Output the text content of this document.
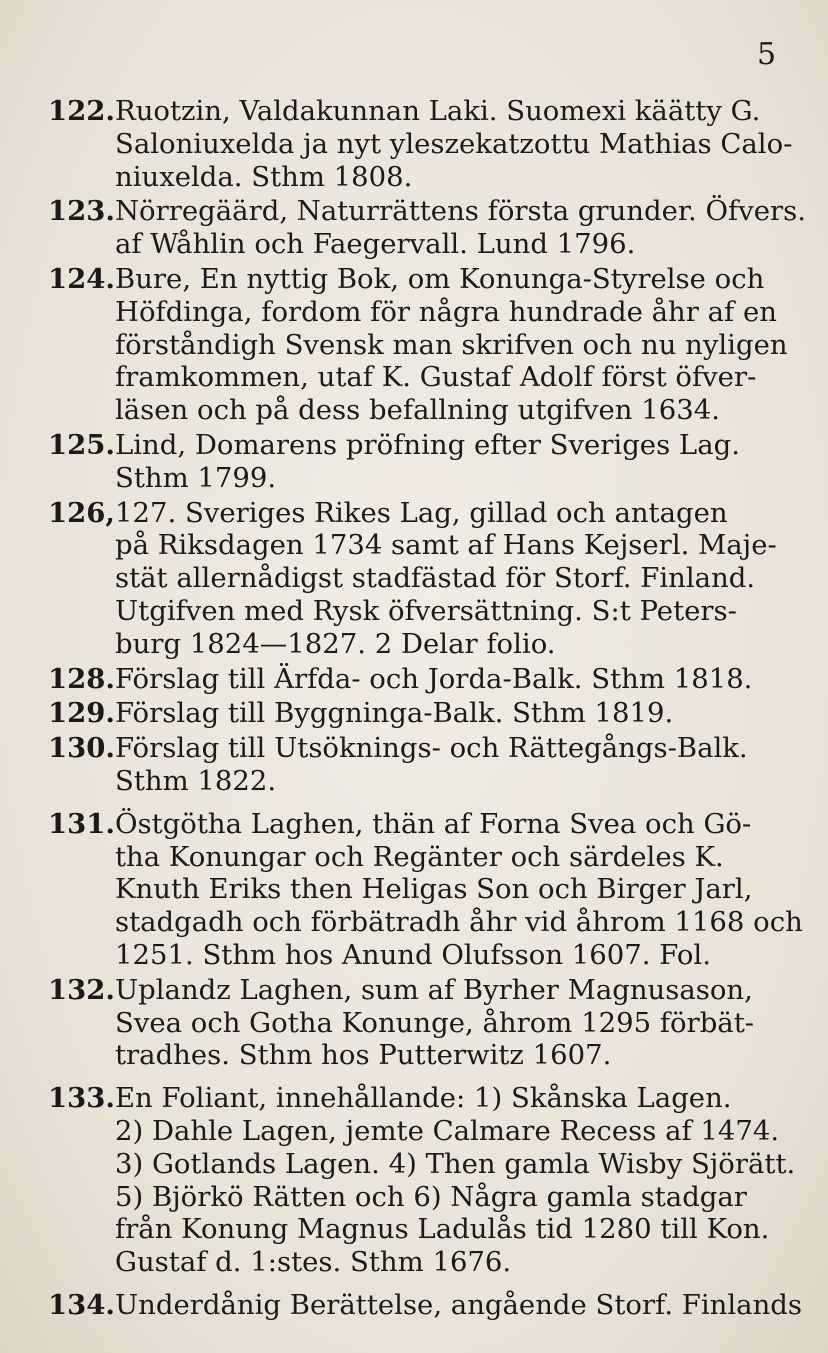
5
122. Ruotzin, Valdakunnan Laki. Suomexi käätty G.
Saloniuxelda ja nyt yleszekatzottu Mathias Calo-
niuxelda. Sthm 1808.
123. Nörregäärd, Naturrättens första grunder. Öfvers.
af Wåhlin och Faegervall. Lund 1796.
124. Bure, En nyttig Bok, om Konunga-Styrelse och
Höfdinga, fordom för några hundrade åhr af en
förståndigh Svensk man skrifven och nu nyligen
framkommen, utaf K. Gustaf Adolf först öfver-
läsen och på dess befallning utgifven 1634.
125. Lind, Domarens pröfning efter Sveriges Lag.
Sthm 1799.
126, 127. Sveriges Rikes Lag, gillad och antagen
på Riksdagen 1734 samt af Hans Kejserl. Maje-
stät allernådigst stadfästad för Storf. Finland.
Utgifven med Rysk öfversättning. S:t Peters-
burg 1824—1827. 2 Delar folio.
128. Förslag till Ärfda- och Jorda-Balk. Sthm 1818.
129. Förslag till Byggninga-Balk. Sthm 1819.
130. Förslag till Utsöknings- och Rättegångs-Balk.
Sthm 1822.
131. Östgötha Laghen, thän af Forna Svea och Gö-
tha Konungar och Regänter och särdeles K.
Knuth Eriks then Heligas Son och Birger Jarl,
stadgadh och förbätradh åhr vid åhrom 1168 och
1251. Sthm hos Anund Olufsson 1607. Fol.
132. Uplandz Laghen, sum af Byrher Magnusason,
Svea och Gotha Konunge, åhrom 1295 förbät-
tradhes. Sthm hos Putterwitz 1607.
133. En Foliant, innehållande: 1) Skånska Lagen.
2) Dahle Lagen, jemte Calmare Recess af 1474.
3) Gotlands Lagen. 4) Then gamla Wisby Sjörätt.
5) Björkö Rätten och 6) Några gamla stadgar
från Konung Magnus Ladulås tid 1280 till Kon.
Gustaf d. 1:stes. Sthm 1676.
134. Underdånig Berättelse, angående Storf. Finlands
